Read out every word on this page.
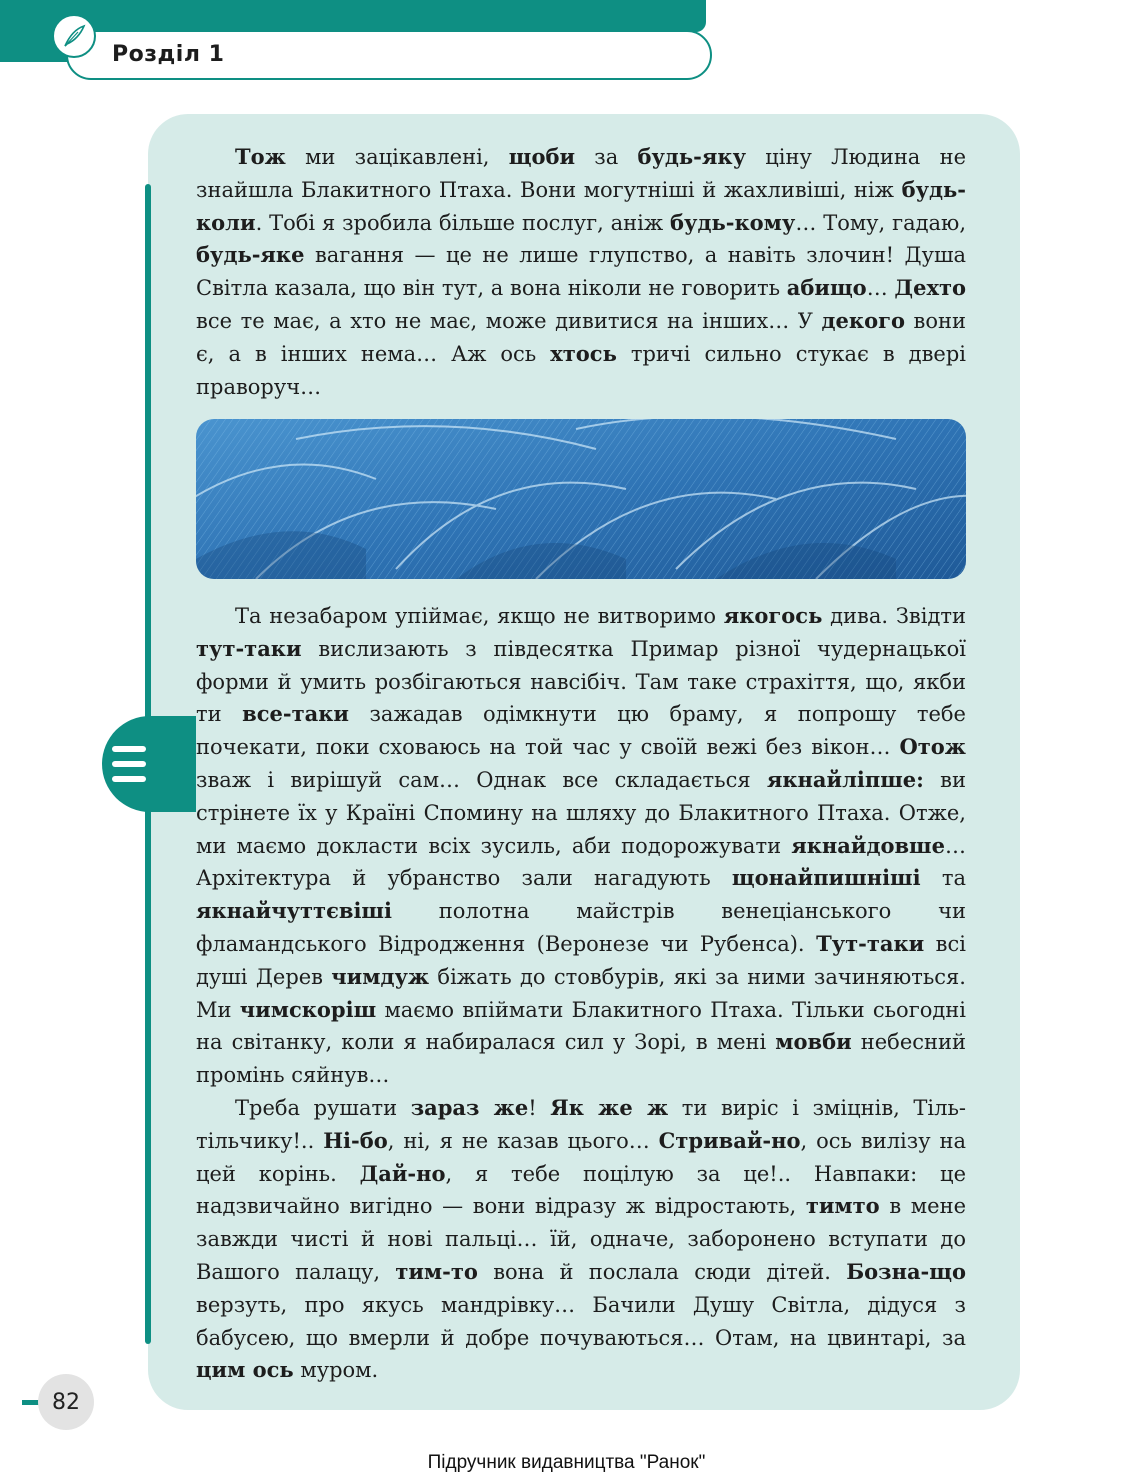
Розділ 1

Тож ми зацікавлені, щоби за будь-яку ціну Людина не знайшла Блакитного Птаха. Вони могутніші й жахливіші, ніж будь-коли. Тобі я зробила більше послуг, аніж будь-кому… Тому, гадаю, будь-яке вагання — це не лише глупство, а навіть злочин! Душа Світла казала, що він тут, а вона ніколи не говорить абищо… Дехто все те має, а хто не має, може дивитися на інших… У декого вони є, а в інших нема… Аж ось хтось тричі сильно стукає в двері праворуч…

Та незабаром упіймає, якщо не витворимо якогось дива. Звідти тут-таки вислизають з півдесятка Примар різної чудернацької форми й умить розбігаються навсібіч. Там таке страхіття, що, якби ти все-таки зажадав одімкнути цю браму, я попрошу тебе почекати, поки сховаюсь на той час у своїй вежі без вікон… Отож зваж і вирішуй сам… Однак все складається якнайліпше: ви стрінете їх у Країні Спомину на шляху до Блакитного Птаха. Отже, ми маємо докласти всіх зусиль, аби подорожувати якнайдовше… Архітектура й убранство зали нагадують щонайпишніші та якнайчуттєвіші полотна майстрів венеціанського чи фламандського Відродження (Веронезе чи Рубенса). Тут-таки всі душі Дерев чимдуж біжать до стовбурів, які за ними зачиняються. Ми чимскоріш маємо впіймати Блакитного Птаха. Тільки сьогодні на світанку, коли я набиралася сил у Зорі, в мені мовби небесний промінь сяйнув…

Треба рушати зараз же! Як же ж ти виріс і зміцнів, Тіль-тільчику!.. Ні-бо, ні, я не казав цього… Стривай-но, ось вилізу на цей корінь. Дай-но, я тебе поцілую за це!.. Навпаки: це надзвичайно вигідно — вони відразу ж відростають, тимто в мене завжди чисті й нові пальці… їй, одначе, заборонено вступати до Вашого палацу, тим-то вона й послала сюди дітей. Бозна-що верзуть, про якусь мандрівку… Бачили Душу Світла, дідуся з бабусею, що вмерли й добре почуваються… Отам, на цвинтарі, за цим ось муром.

82
Підручник видавництва "Ранок"
